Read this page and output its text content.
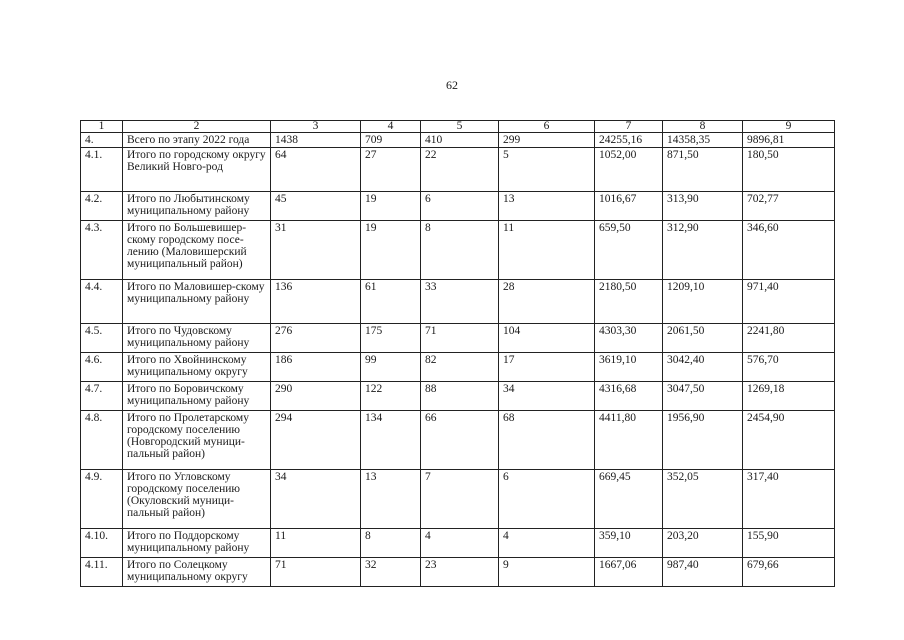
62
1	2	3	4	5	6	7	8	9
4.	Всего по этапу 2022 года	1438	709	410	299	24255,16	14358,35	9896,81
4.1.	Итого по городскому округу Великий Новго-род	64	27	22	5	1052,00	871,50	180,50
4.2.	Итого по Любытинскому муниципальному району	45	19	6	13	1016,67	313,90	702,77
4.3.	Итого по Большевишер-скому городскому посе-лению (Маловишерский муниципальный район)	31	19	8	11	659,50	312,90	346,60
4.4.	Итого по Маловишер-скому муниципальному району	136	61	33	28	2180,50	1209,10	971,40
4.5.	Итого по Чудовскому муниципальному району	276	175	71	104	4303,30	2061,50	2241,80
4.6.	Итого по Хвойнинскому муниципальному округу	186	99	82	17	3619,10	3042,40	576,70
4.7.	Итого по Боровичскому муниципальному району	290	122	88	34	4316,68	3047,50	1269,18
4.8.	Итого по Пролетарскому городскому поселению (Новгородский муници-пальный район)	294	134	66	68	4411,80	1956,90	2454,90
4.9.	Итого по Угловскому городскому поселению (Окуловский муници-пальный район)	34	13	7	6	669,45	352,05	317,40
4.10.	Итого по Поддорскому муниципальному району	11	8	4	4	359,10	203,20	155,90
4.11.	Итого по Солецкому муниципальному округу	71	32	23	9	1667,06	987,40	679,66
